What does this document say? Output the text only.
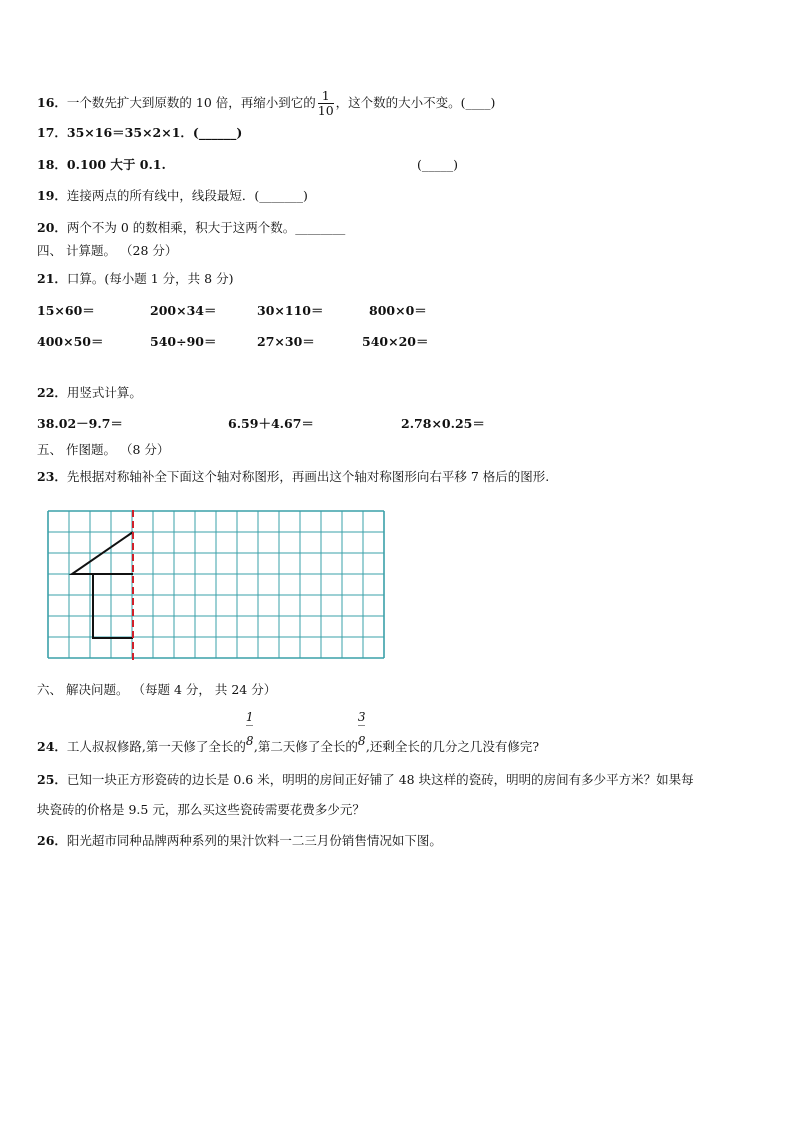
16．一个数先扩大到原数的 10 倍，再缩小到它的 $\frac{1}{10}$ ，这个数的大小不变。(____)
17．35×16＝35×2×1．(______)
18．0.100 大于 0.1.	(_____)
19．连接两点的所有线中，线段最短．(_______)
20．两个不为 0 的数相乘，积大于这两个数。________
四、 计算题。 （28 分）
21．口算。(每小题 1 分，共 8 分)
15×60＝	200×34＝	30×110＝	800×0＝
400×50＝	540÷90＝	27×30＝	540×20＝
22．用竖式计算。
38.02－9.7＝	6.59＋4.67＝	2.78×0.25＝
五、 作图题。 （8 分）
23．先根据对称轴补全下面这个轴对称图形，再画出这个轴对称图形向右平移 7 格后的图形.
六、 解决问题。 （每题 4 分， 共 24 分）
24．工人叔叔修路,第一天修了全长的 $\frac{1}{8}$ ,第二天修了全长的 $\frac{3}{8}$ ,还剩全长的几分之几没有修完?
25．已知一块正方形瓷砖的边长是 0.6 米，明明的房间正好铺了 48 块这样的瓷砖，明明的房间有多少平方米？如果每
块瓷砖的价格是 9.5 元，那么买这些瓷砖需要花费多少元？
26．阳光超市同种品牌两种系列的果汁饮料一二三月份销售情况如下图。
